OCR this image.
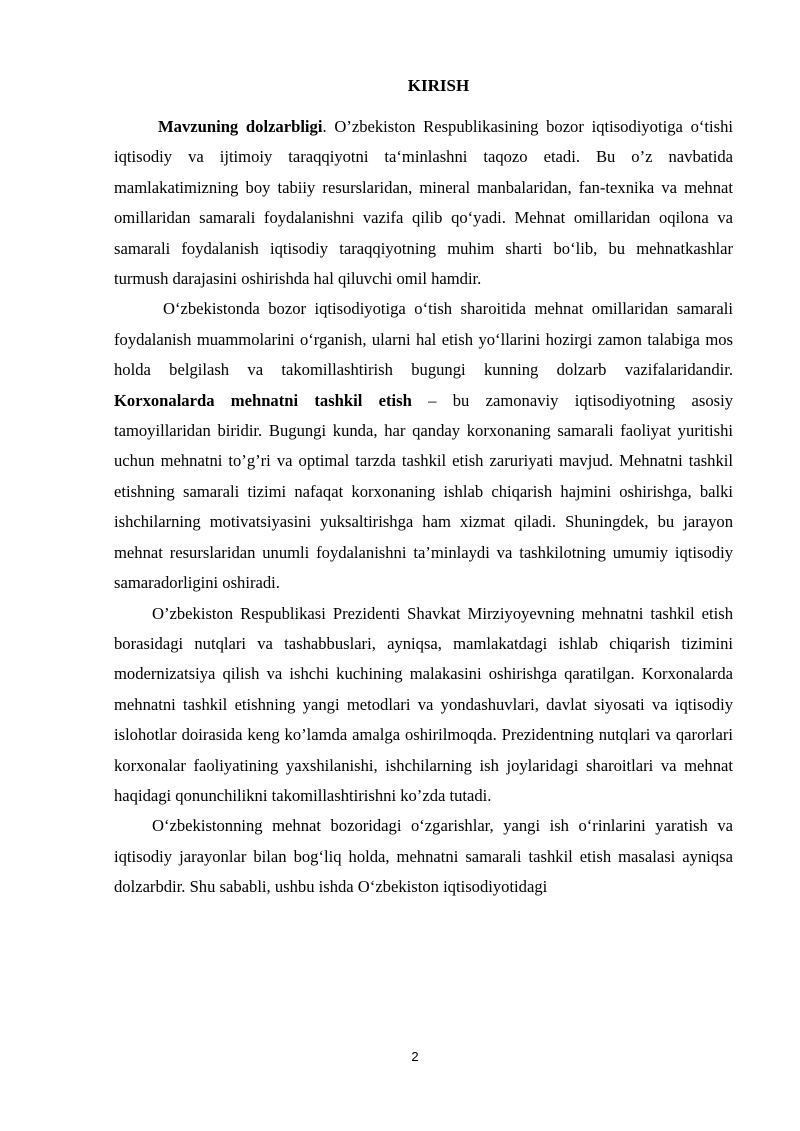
KIRISH

Mavzuning dolzarbligi. O’zbekiston Respublikasining bozor iqtisodiyotiga o‘tishi iqtisodiy va ijtimoiy taraqqiyotni ta‘minlashni taqozo etadi. Bu o’z navbatida mamlakatimizning boy tabiiy resurslaridan, mineral manbalaridan, fan-texnika va mehnat omillaridan samarali foydalanishni vazifa qilib qo‘yadi. Mehnat omillaridan oqilona va samarali foydalanish iqtisodiy taraqqiyotning muhim sharti bo‘lib, bu mehnatkashlar turmush darajasini oshirishda hal qiluvchi omil hamdir.

O‘zbekistonda bozor iqtisodiyotiga o‘tish sharoitida mehnat omillaridan samarali foydalanish muammolarini o‘rganish, ularni hal etish yo‘llarini hozirgi zamon talabiga mos holda belgilash va takomillashtirish bugungi kunning dolzarb vazifalaridandir. Korxonalarda mehnatni tashkil etish – bu zamonaviy iqtisodiyotning asosiy tamoyillaridan biridir. Bugungi kunda, har qanday korxonaning samarali faoliyat yuritishi uchun mehnatni to’g’ri va optimal tarzda tashkil etish zaruriyati mavjud. Mehnatni tashkil etishning samarali tizimi nafaqat korxonaning ishlab chiqarish hajmini oshirishga, balki ishchilarning motivatsiyasini yuksaltirishga ham xizmat qiladi. Shuningdek, bu jarayon mehnat resurslaridan unumli foydalanishni ta’minlaydi va tashkilotning umumiy iqtisodiy samaradorligini oshiradi.

O’zbekiston Respublikasi Prezidenti Shavkat Mirziyoyevning mehnatni tashkil etish borasidagi nutqlari va tashabbuslari, ayniqsa, mamlakatdagi ishlab chiqarish tizimini modernizatsiya qilish va ishchi kuchining malakasini oshirishga qaratilgan. Korxonalarda mehnatni tashkil etishning yangi metodlari va yondashuvlari, davlat siyosati va iqtisodiy islohotlar doirasida keng ko’lamda amalga oshirilmoqda. Prezidentning nutqlari va qarorlari korxonalar faoliyatining yaxshilanishi, ishchilarning ish joylaridagi sharoitlari va mehnat haqidagi qonunchilikni takomillashtirishni ko’zda tutadi.

O‘zbekistonning mehnat bozoridagi o‘zgarishlar, yangi ish o‘rinlarini yaratish va iqtisodiy jarayonlar bilan bog‘liq holda, mehnatni samarali tashkil etish masalasi ayniqsa dolzarbdir. Shu sababli, ushbu ishda O‘zbekiston iqtisodiyotidagi

2
